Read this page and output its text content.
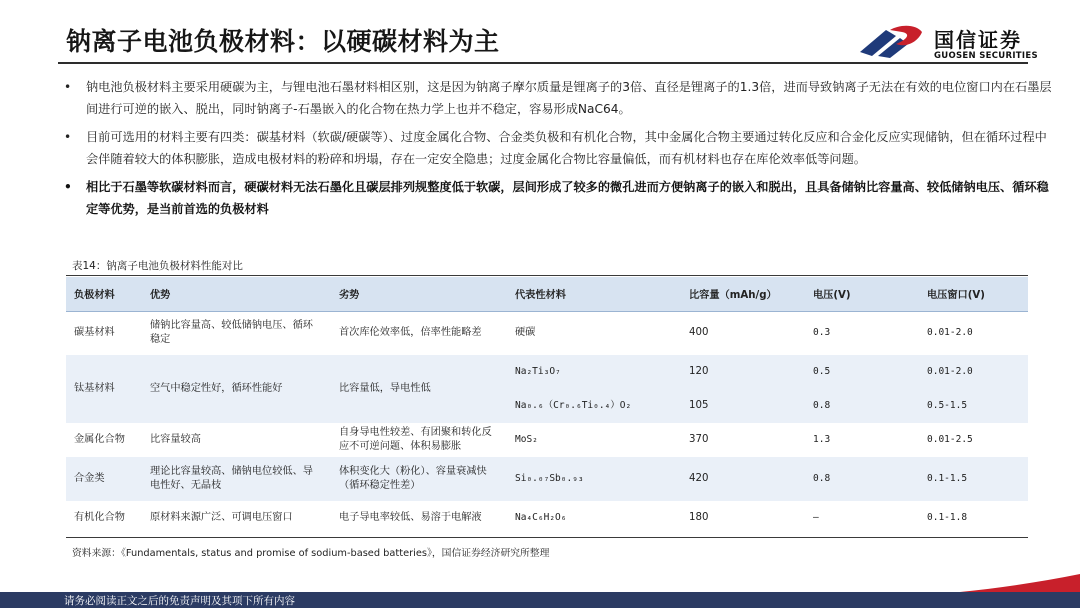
钠离子电池负极材料：以硬碳材料为主	国信证券
GUOSEN SECURITIES
• 钠电池负极材料主要采用硬碳为主，与锂电池石墨材料相区别，这是因为钠离子摩尔质量是锂离子的3倍、直径是锂离子的1.3倍，进而导致钠离子无法在有效的电位窗口内在石墨层间进行可逆的嵌入、脱出，同时钠离子-石墨嵌入的化合物在热力学上也并不稳定，容易形成NaC64。
• 目前可选用的材料主要有四类：碳基材料（软碳/硬碳等）、过度金属化合物、合金类负极和有机化合物，其中金属化合物主要通过转化反应和合金化反应实现储钠，但在循环过程中会伴随着较大的体积膨胀，造成电极材料的粉碎和坍塌，存在一定安全隐患；过度金属化合物比容量偏低，而有机材料也存在库伦效率低等问题。
• 相比于石墨等软碳材料而言，硬碳材料无法石墨化且碳层排列规整度低于软碳，层间形成了较多的微孔进而方便钠离子的嵌入和脱出，且具备储钠比容量高、较低储钠电压、循环稳定等优势，是当前首选的负极材料
表14：钠离子电池负极材料性能对比
负极材料	优势	劣势	代表性材料	比容量（mAh/g）	电压(V)	电压窗口(V)
碳基材料	储钠比容量高、较低储钠电压、循环稳定	首次库伦效率低，倍率性能略差	硬碳	400	0.3	0.01-2.0
钛基材料	空气中稳定性好，循环性能好	比容量低，导电性低	Na₂Ti₃O₇	120	0.5	0.01-2.0
			Na₀.₆（Cr₀.₆Ti₀.₄）O₂	105	0.8	0.5-1.5
金属化合物	比容量较高	自身导电性较差、有团聚和转化反应不可逆问题、体积易膨胀	MoS₂	370	1.3	0.01-2.5
合金类	理论比容量较高、储钠电位较低、导电性好、无晶枝	体积变化大（粉化）、容量衰减快（循环稳定性差）	Si₀.₀₇Sb₀.₉₃	420	0.8	0.1-1.5
有机化合物	原材料来源广泛、可调电压窗口	电子导电率较低、易溶于电解液	Na₄C₆H₂O₆	180	–	0.1-1.8
资料来源：《Fundamentals, status and promise of sodium-based batteries》，国信证券经济研究所整理
请务必阅读正文之后的免责声明及其项下所有内容
